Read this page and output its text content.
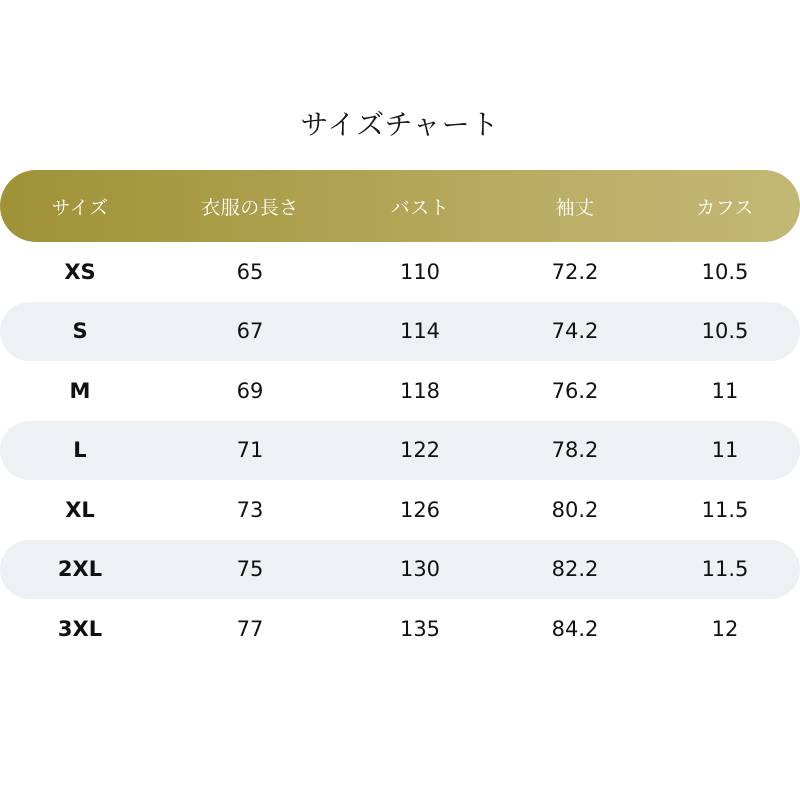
サイズチャート
サイズ	衣服の長さ	バスト	袖丈	カフス
XS	65	110	72.2	10.5
S	67	114	74.2	10.5
M	69	118	76.2	11
L	71	122	78.2	11
XL	73	126	80.2	11.5
2XL	75	130	82.2	11.5
3XL	77	135	84.2	12
